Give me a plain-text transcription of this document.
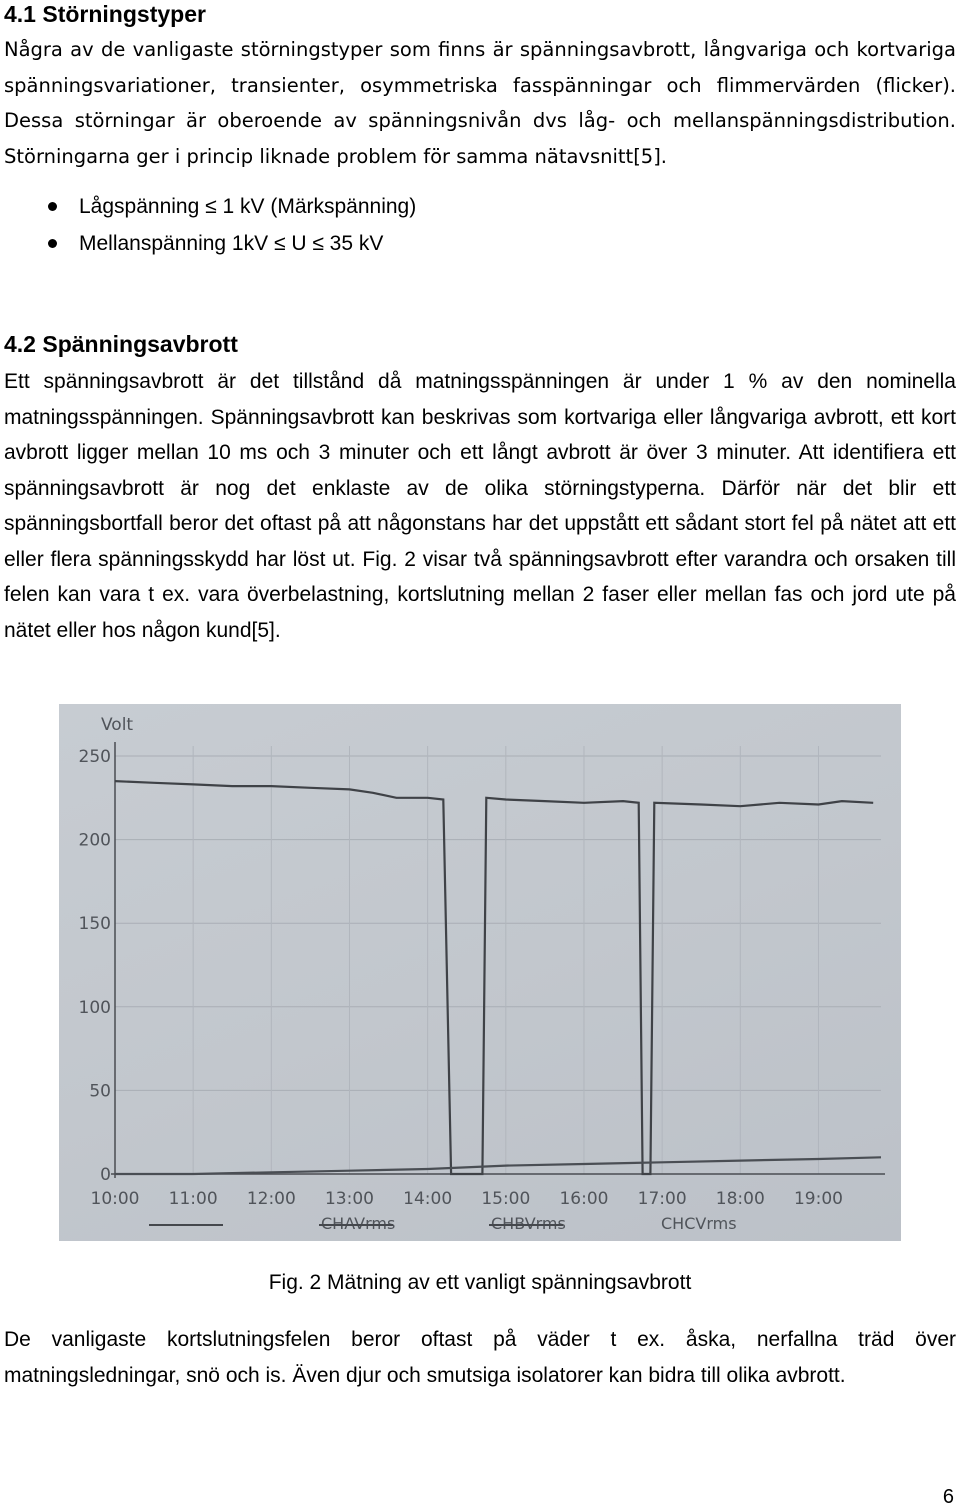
4.1 Störningstyper

Några av de vanligaste störningstyper som finns är spänningsavbrott, långvariga och kortvariga spänningsvariationer, transienter, osymmetriska fasspänningar och flimmervärden (flicker). Dessa störningar är oberoende av spänningsnivån dvs låg- och mellanspänningsdistribution. Störningarna ger i princip liknade problem för samma nätavsnitt[5].

Lågspänning ≤ 1 kV (Märkspänning)
Mellanspänning 1kV ≤ U ≤ 35 kV
4.2 Spänningsavbrott

Ett spänningsavbrott är det tillstånd då matningsspänningen är under 1 % av den nominella matningsspänningen. Spänningsavbrott kan beskrivas som kortvariga eller långvariga avbrott, ett kort avbrott ligger mellan 10 ms och 3 minuter och ett långt avbrott är över 3 minuter. Att identifiera ett spänningsavbrott är nog det enklaste av de olika störningstyperna. Därför när det blir ett spänningsbortfall beror det oftast på att någonstans har det uppstått ett sådant stort fel på nätet att ett eller flera spänningsskydd har löst ut. Fig. 2 visar två spänningsavbrott efter varandra och orsaken till felen kan vara t ex. vara överbelastning, kortslutning mellan 2 faser eller mellan fas och jord ute på nätet eller hos någon kund[5].

Volt
250
200
150
100
50
0
10:00 11:00 12:00 13:00 14:00 15:00 16:00 17:00 18:00 19:00
CHAVrms	CHBVrms	CHCVrms
Fig. 2 Mätning av ett vanligt spänningsavbrott

De vanligaste kortslutningsfelen beror oftast på väder t ex. åska, nerfallna träd över matningsledningar, snö och is. Även djur och smutsiga isolatorer kan bidra till olika avbrott.

6
